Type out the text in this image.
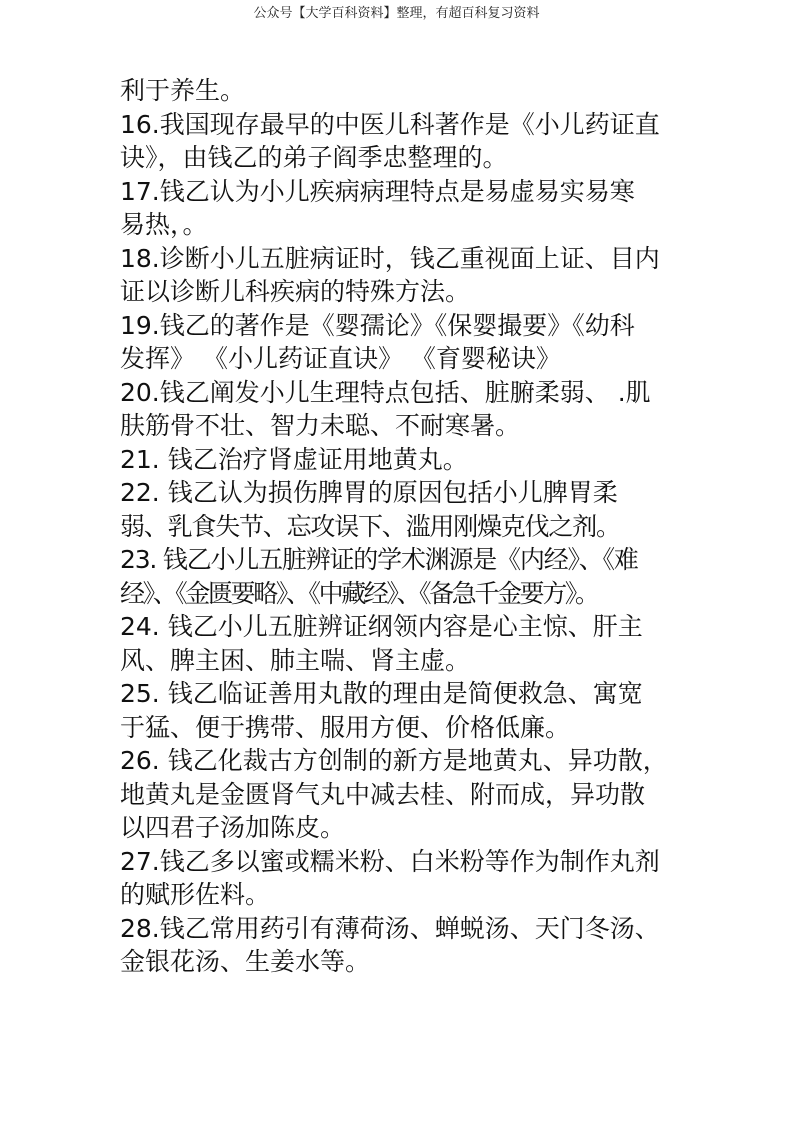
公众号【大学百科资料】整理，有超百科复习资料
利于养生。
16.我国现存最早的中医儿科著作是《小儿药证直
诀》，由钱乙的弟子阎季忠整理的。
17.钱乙认为小儿疾病病理特点是易虚易实易寒
易热，。
18.诊断小儿五脏病证时，钱乙重视面上证、目内
证以诊断儿科疾病的特殊方法。
19.钱乙的著作是《婴孺论》《保婴撮要》《幼科
发挥》 《小儿药证直诀》 《育婴秘诀》
20.钱乙阐发小儿生理特点包括、脏腑柔弱、 .肌
肤筋骨不壮、智力未聪、不耐寒暑。
21. 钱乙治疗肾虚证用地黄丸。
22. 钱乙认为损伤脾胃的原因包括小儿脾胃柔
弱、乳食失节、忘攻误下、滥用刚燥克伐之剂。
23. 钱乙小儿五脏辨证的学术渊源是《内经》、《难
经》、《金匮要略》、《中藏经》、《备急千金要方》。
24. 钱乙小儿五脏辨证纲领内容是心主惊、肝主
风、脾主困、肺主喘、肾主虚。
25. 钱乙临证善用丸散的理由是简便救急、寓宽
于猛、便于携带、服用方便、价格低廉。
26. 钱乙化裁古方创制的新方是地黄丸、异功散，
地黄丸是金匮肾气丸中减去桂、附而成，异功散
以四君子汤加陈皮。
27.钱乙多以蜜或糯米粉、白米粉等作为制作丸剂
的赋形佐料。
28.钱乙常用药引有薄荷汤、蝉蜕汤、天门冬汤、
金银花汤、生姜水等。
